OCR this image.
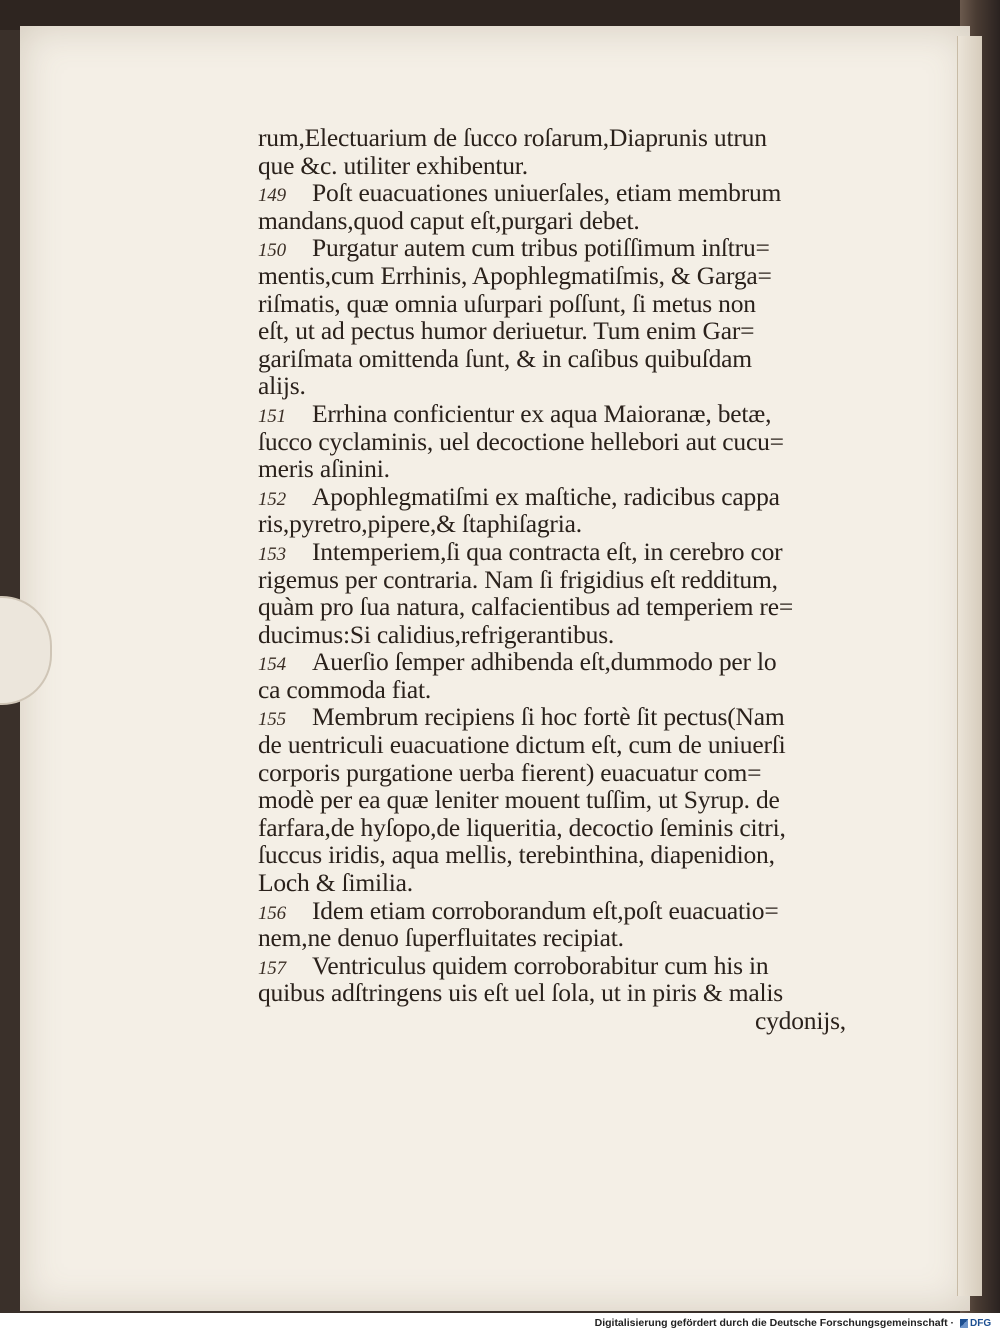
rum,Electuarium de ſucco roſarum,Diaprunis utrun
que &c. utiliter exhibentur.
149 Poſt euacuationes uniuerſales, etiam membrum
mandans,quod caput eſt,purgari debet.
150 Purgatur autem cum tribus potiſſimum inſtru=
mentis,cum Errhinis, Apophlegmatiſmis, & Garga=
riſmatis, quæ omnia uſurpari poſſunt, ſi metus non
eſt, ut ad pectus humor deriuetur. Tum enim Gar=
gariſmata omittenda ſunt, & in caſibus quibuſdam
alijs.
151 Errhina conficientur ex aqua Maioranæ, betæ,
ſucco cyclaminis, uel decoctione hellebori aut cucu=
meris aſinini.
152 Apophlegmatiſmi ex maſtiche, radicibus cappa
ris,pyretro,pipere,& ſtaphiſagria.
153 Intemperiem,ſi qua contracta eſt, in cerebro cor
rigemus per contraria. Nam ſi frigidius eſt redditum,
quàm pro ſua natura, calfacientibus ad temperiem re=
ducimus:Si calidius,refrigerantibus.
154 Auerſio ſemper adhibenda eſt,dummodo per lo
ca commoda fiat.
155 Membrum recipiens ſi hoc fortè ſit pectus(Nam
de uentriculi euacuatione dictum eſt, cum de uniuerſi
corporis purgatione uerba fierent) euacuatur com=
modè per ea quæ leniter mouent tuſſim, ut Syrup. de
farfara,de hyſopo,de liqueritia, decoctio ſeminis citri,
ſuccus iridis, aqua mellis, terebinthina, diapenidion,
Loch & ſimilia.
156 Idem etiam corroborandum eſt,poſt euacuatio=
nem,ne denuo ſuperfluitates recipiat.
157 Ventriculus quidem corroborabitur cum his in
quibus adſtringens uis eſt uel ſola, ut in piris & malis
cydonijs,
Digitalisierung gefördert durch die Deutsche Forschungsgemeinschaft · DFG
